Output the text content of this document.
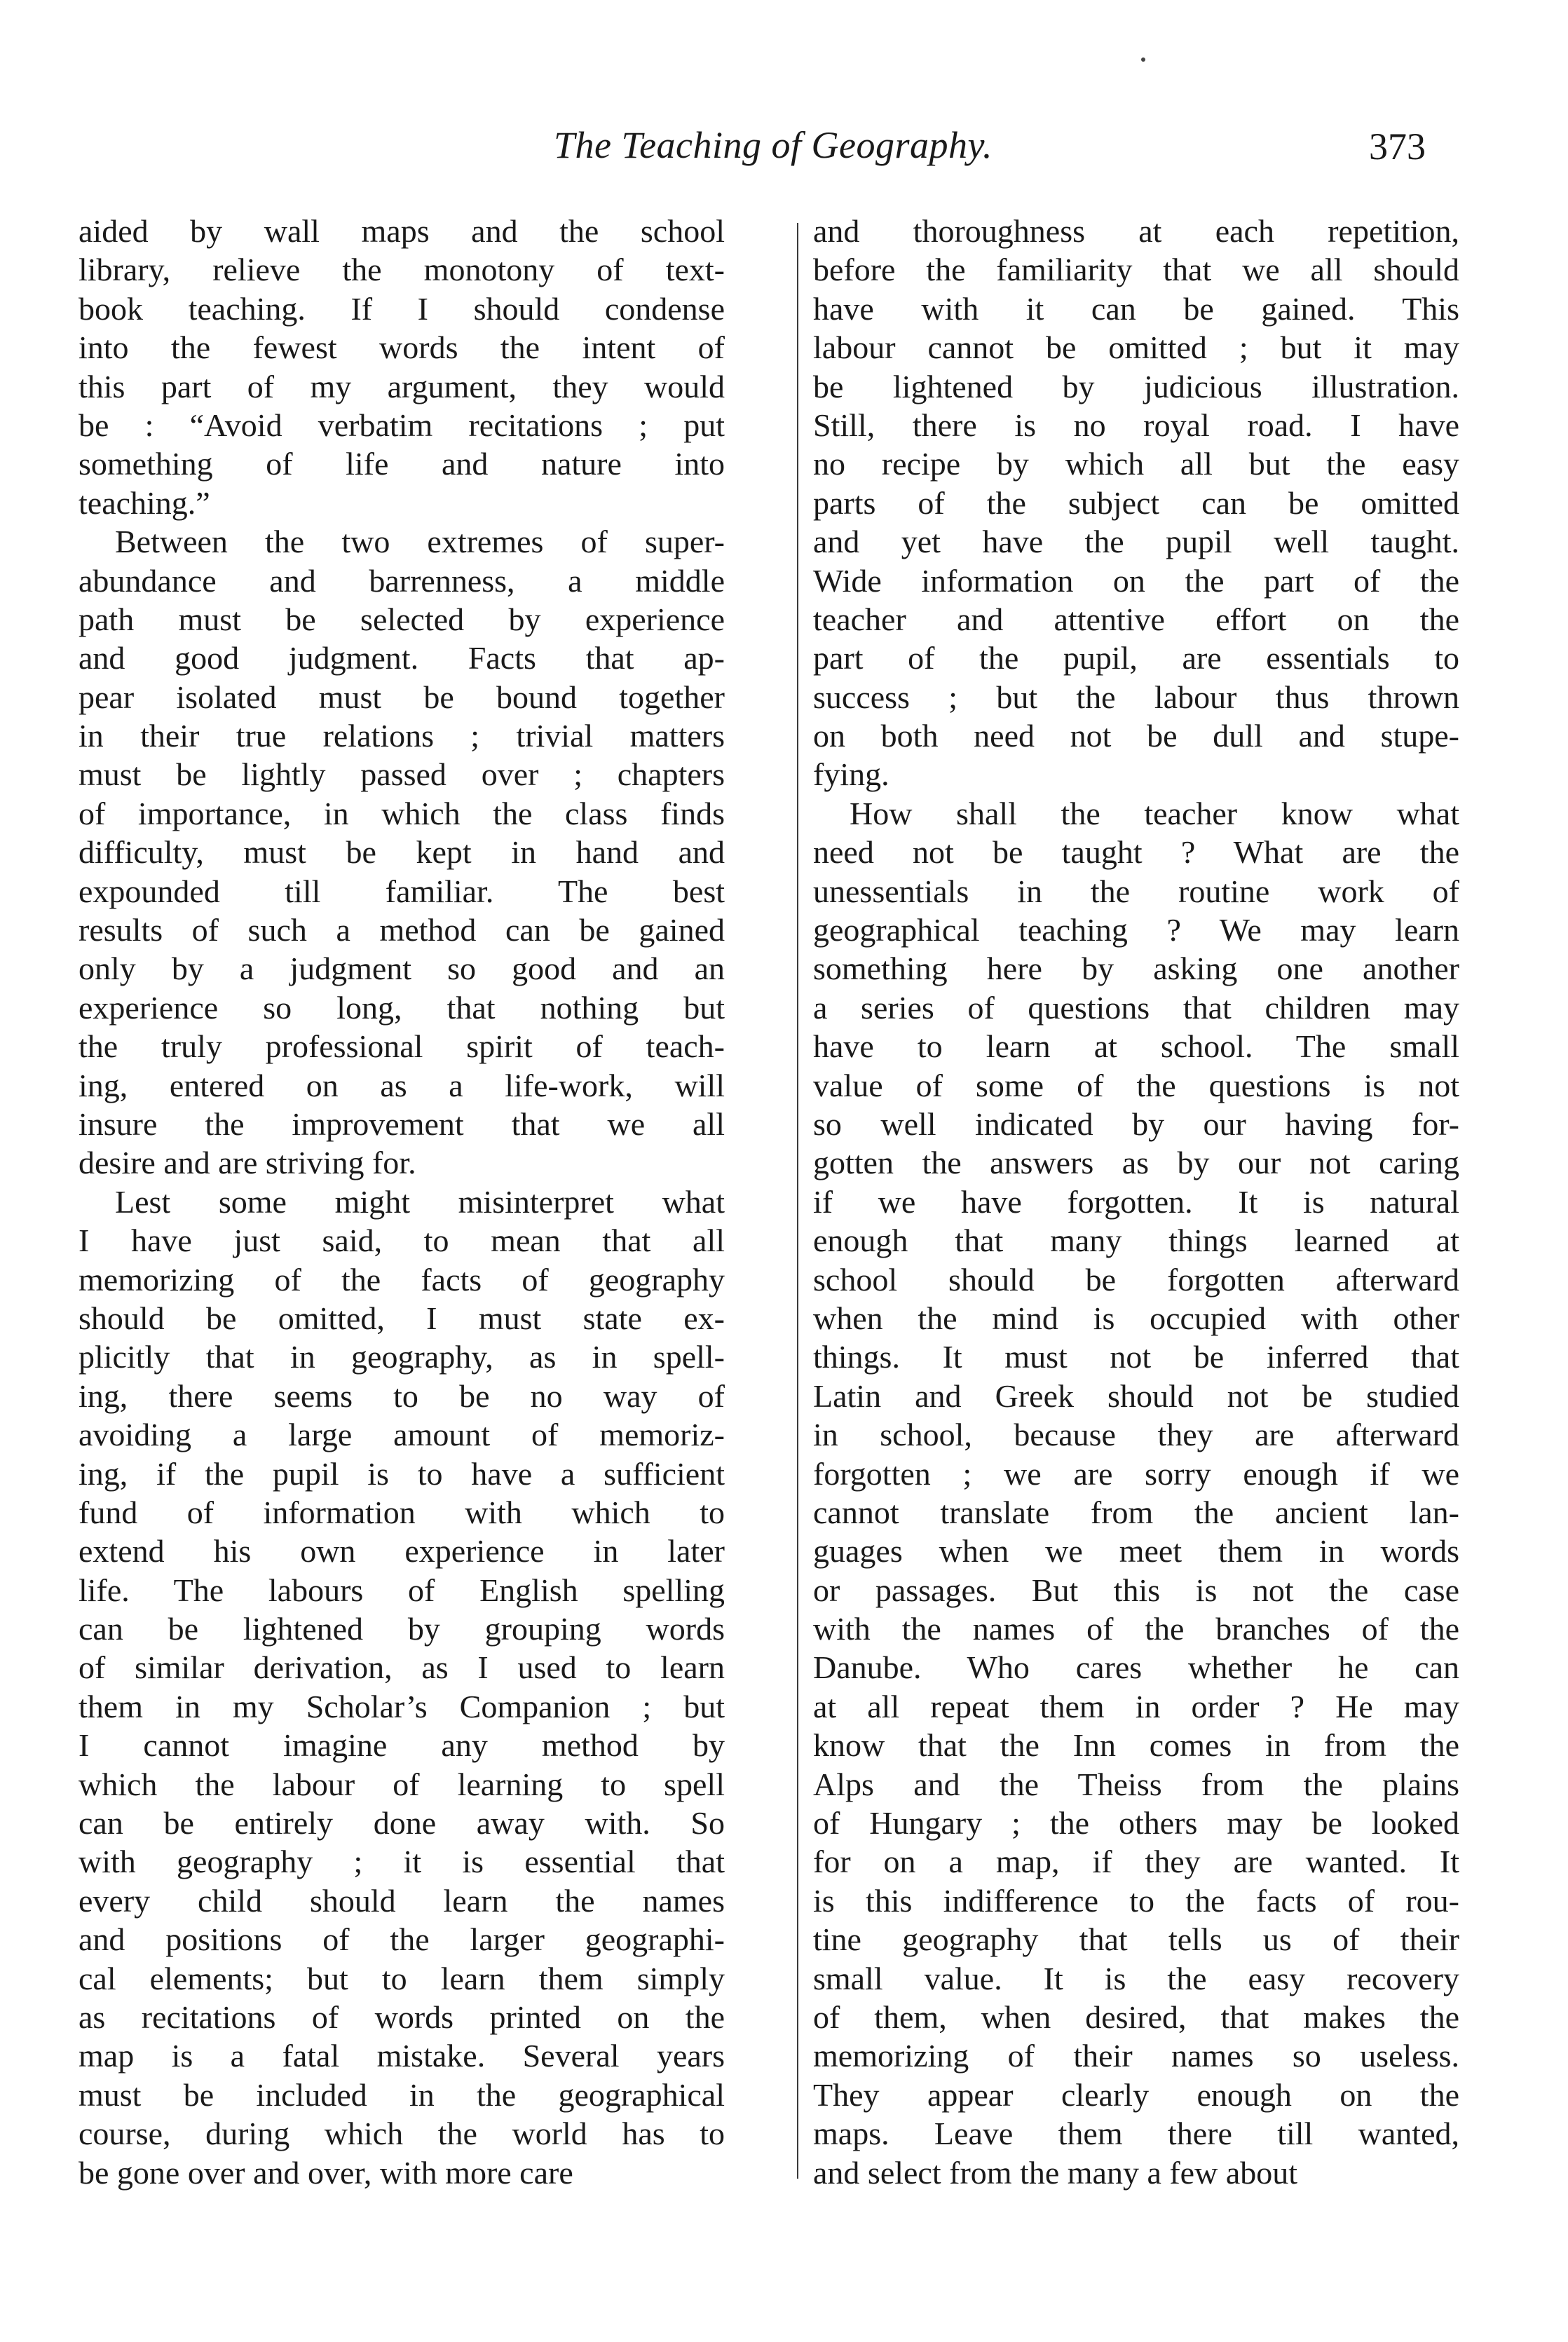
The Teaching of Geography.	373
aided by wall maps and the school
library, relieve the monotony of text-
book teaching. If I should condense
into the fewest words the intent of
this part of my argument, they would
be : “Avoid verbatim recitations ; put
something of life and nature into
teaching.”
Between the two extremes of super-
abundance and barrenness, a middle
path must be selected by experience
and good judgment. Facts that ap-
pear isolated must be bound together
in their true relations ; trivial matters
must be lightly passed over ; chapters
of importance, in which the class finds
difficulty, must be kept in hand and
expounded till familiar. The best
results of such a method can be gained
only by a judgment so good and an
experience so long, that nothing but
the truly professional spirit of teach-
ing, entered on as a life-work, will
insure the improvement that we all
desire and are striving for.
Lest some might misinterpret what
I have just said, to mean that all
memorizing of the facts of geography
should be omitted, I must state ex-
plicitly that in geography, as in spell-
ing, there seems to be no way of
avoiding a large amount of memoriz-
ing, if the pupil is to have a sufficient
fund of information with which to
extend his own experience in later
life. The labours of English spelling
can be lightened by grouping words
of similar derivation, as I used to learn
them in my Scholar’s Companion ; but
I cannot imagine any method by
which the labour of learning to spell
can be entirely done away with. So
with geography ; it is essential that
every child should learn the names
and positions of the larger geographi-
cal elements; but to learn them simply
as recitations of words printed on the
map is a fatal mistake. Several years
must be included in the geographical
course, during which the world has to
be gone over and over, with more care
and thoroughness at each repetition,
before the familiarity that we all should
have with it can be gained. This
labour cannot be omitted ; but it may
be lightened by judicious illustration.
Still, there is no royal road. I have
no recipe by which all but the easy
parts of the subject can be omitted
and yet have the pupil well taught.
Wide information on the part of the
teacher and attentive effort on the
part of the pupil, are essentials to
success ; but the labour thus thrown
on both need not be dull and stupe-
fying.
How shall the teacher know what
need not be taught ? What are the
unessentials in the routine work of
geographical teaching ? We may learn
something here by asking one another
a series of questions that children may
have to learn at school. The small
value of some of the questions is not
so well indicated by our having for-
gotten the answers as by our not caring
if we have forgotten. It is natural
enough that many things learned at
school should be forgotten afterward
when the mind is occupied with other
things. It must not be inferred that
Latin and Greek should not be studied
in school, because they are afterward
forgotten ; we are sorry enough if we
cannot translate from the ancient lan-
guages when we meet them in words
or passages. But this is not the case
with the names of the branches of the
Danube. Who cares whether he can
at all repeat them in order ? He may
know that the Inn comes in from the
Alps and the Theiss from the plains
of Hungary ; the others may be looked
for on a map, if they are wanted. It
is this indifference to the facts of rou-
tine geography that tells us of their
small value. It is the easy recovery
of them, when desired, that makes the
memorizing of their names so useless.
They appear clearly enough on the
maps. Leave them there till wanted,
and select from the many a few about
